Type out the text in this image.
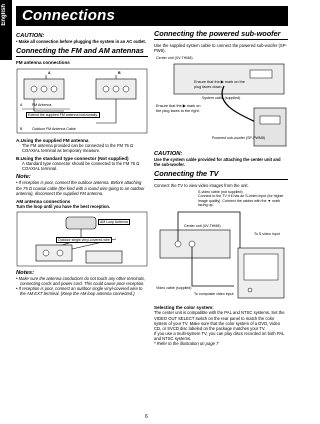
English Connections
CAUTION:
• Make all connection before plugging the system in an AC outlet.
Connecting the FM and AM antennas
FM antenna connections
A	B
A	FM Antenna
Extend the supplied FM antenna horizontally.
B	Outdoor FM Antenna Cable
A.Using the supplied FM antenna
The FM antenna provided can be connected to the FM 75 Ω COAXIAL terminal as temporary measure.
B.Using the standard type connector (Not supplied)
A standard type connector should be connected to the FM 75 Ω COAXIAL terminal.
Note:
• If reception is poor, connect the outdoor antenna. Before attaching the 75 Ω coaxial cable (the kind with a round wire going to an outdoor antenna), disconnect the supplied FM antenna.
AM antenna connections
Turn the loop until you have the best reception.
AM Loop Antenna
Outdoor single vinyl-covered wire
Notes:
• Make sure the antenna conductors do not touch any other terminals, connecting cords and power cord. This could cause poor reception.
• If reception is poor, connect an outdoor single vinyl-covered wire to the AM EXT terminal. (Keep the AM loop antenna connected.)
Connecting the powered sub-woofer
Use the supplied system cable to connect the powered sub-woofer (SP-PW8).
Center unit (XV-THM8)
Ensure that the ▶ mark on the plug faces down.
Ensure that the ▶ mark on the plug faces to the right.
System cable (supplied)
Powered sub-woofer (SP-PWM8)
CAUTION:
Use the system cable provided for attaching the center unit and the sub-woofer.
Connecting the TV
Connect the TV to view video images from the unit.
S-video cable (not supplied)
Connect to the TV if it has an S-video input (for higher image quality). Connect the cables with the ▼ mark facing up.
Center unit (XV-THM8)
To S-video input
Video cable (supplied)
To composite video input
Selecting the color system:
The center unit is compatible with the PAL and NTSC systems. Set the VIDEO OUT SELECT switch on the rear panel to match the color system of your TV. Make sure that the color system of a DVD, Video CD, or SVCD disc labeled on the package matches your TV.
If you use a multi-system TV, you can play discs recorded on both PAL and NTSC systems.
* Refer to the illustration on page 7
6
